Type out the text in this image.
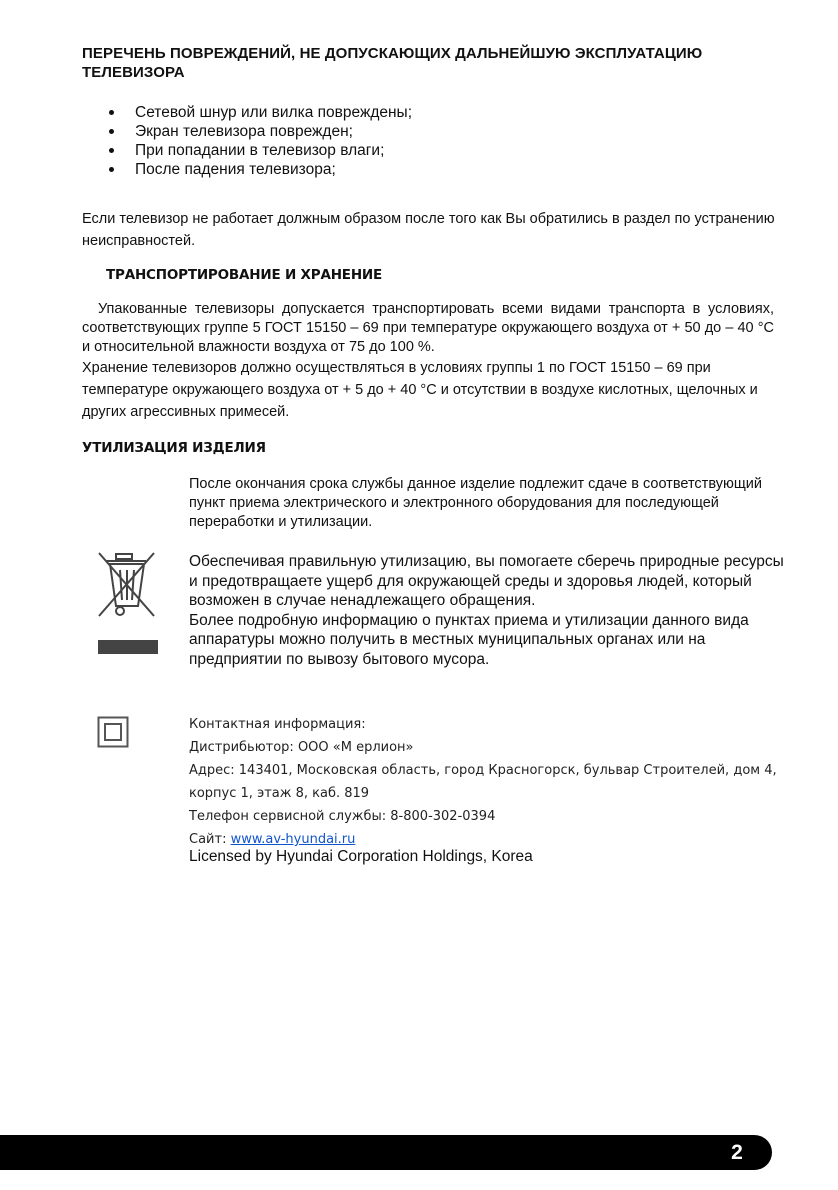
ПЕРЕЧЕНЬ ПОВРЕЖДЕНИЙ, НЕ ДОПУСКАЮЩИХ ДАЛЬНЕЙШУЮ ЭКСПЛУАТАЦИЮ ТЕЛЕВИЗОРА
Сетевой шнур или вилка повреждены;
Экран телевизора поврежден;
При попадании в телевизор влаги;
После падения телевизора;
Если телевизор не работает должным образом после того как Вы обратились в раздел по устранению неисправностей.
ТРАНСПОРТИРОВАНИЕ И ХРАНЕНИЕ
Упакованные телевизоры допускается транспортировать всеми видами транспорта в условиях, соответствующих группе 5 ГОСТ 15150 – 69 при температуре окружающего воздуха от + 50 до – 40 °С и относительной влажности воздуха от 75 до 100 %.
Хранение телевизоров должно осуществляться в условиях группы 1 по ГОСТ 15150 – 69 при температуре окружающего воздуха от + 5 до + 40 °С и отсутствии в воздухе кислотных, щелочных и других агрессивных примесей.
УТИЛИЗАЦИЯ ИЗДЕЛИЯ
После окончания срока службы данное изделие подлежит сдаче в соответствующий пункт приема электрического и электронного оборудования для последующей переработки и утилизации.
Обеспечивая правильную утилизацию, вы помогаете сберечь природные ресурсы и предотвращаете ущерб для окружающей среды и здоровья людей, который возможен в случае ненадлежащего обращения.
Более подробную информацию о пунктах приема и утилизации данного вида аппаратуры можно получить в местных муниципальных органах или на предприятии по вывозу бытового мусора.
Контактная информация:
Дистрибьютор: ООО «М ерлион»
Адрес: 143401, Московская область, город Красногорск, бульвар Строителей, дом 4, корпус 1, этаж 8, каб. 819
Телефон сервисной службы: 8-800-302-0394
Сайт: www.av-hyundai.ru
Licensed by Hyundai Corporation Holdings, Korea
2
